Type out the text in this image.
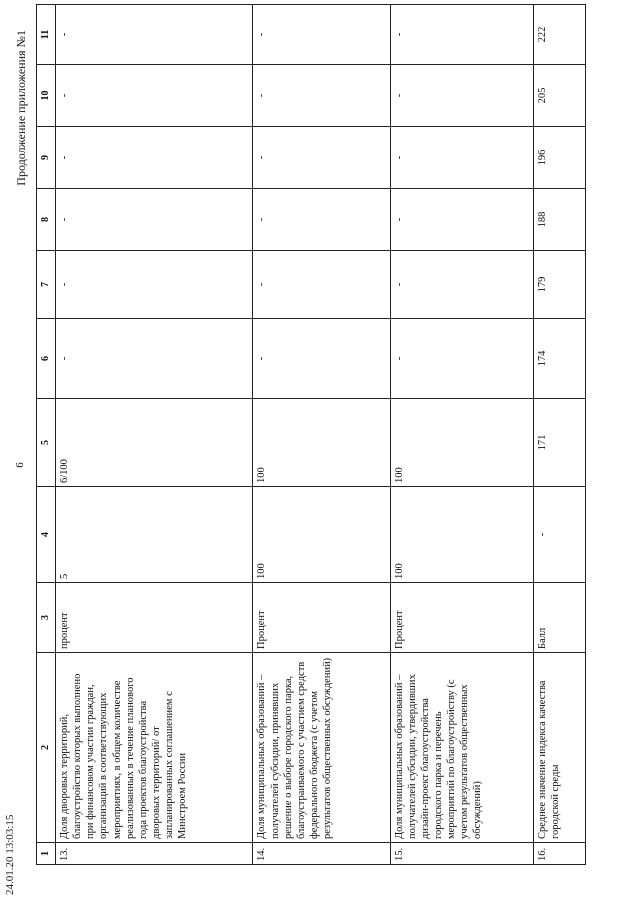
24.01.20 13:03:15
6
Продолжение приложения №1
1	2	3	4	5	6	7	8	9	10	11
13.	Доля дворовых территорий, благоустройство которых выполнено при финансовом участии граждан, организаций в соответствующих мероприятиях, в общем количестве реализованных в течение планового года проектов благоустройства дворовых территорий/ от запланированных соглашением с Минстроем России	процент	5	6/100	-	-	-	-	-	-
14.	Доля муниципальных образований – получателей субсидии, принявших решение о выборе городского парка, благоустраиваемого с участием средств федерального бюджета (с учетом результатов общественных обсуждений)	Процент	100	100	-	-	-	-	-	-
15.	Доля муниципальных образований – получателей субсидии, утвердивших дизайн-проект благоустройства городского парка и перечень мероприятий по благоустройству (с учетом результатов общественных обсуждений)	Процент	100	100	-	-	-	-	-	-
16.	Среднее значение индекса качества городской среды	Балл	-	171	174	179	188	196	205	222
